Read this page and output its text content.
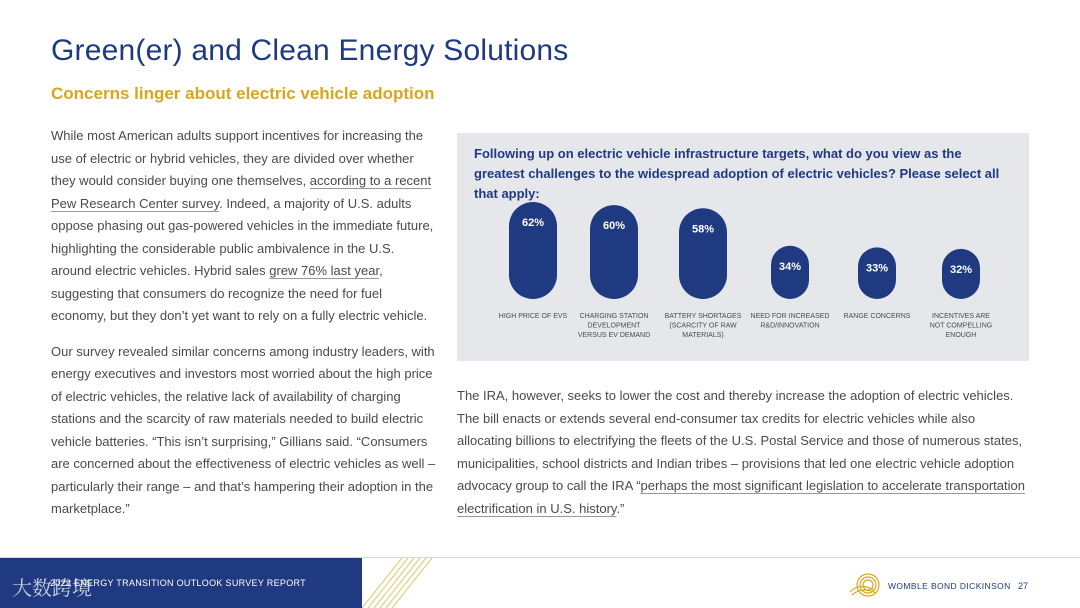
Green(er) and Clean Energy Solutions
Concerns linger about electric vehicle adoption

While most American adults support incentives for increasing the use of electric or hybrid vehicles, they are divided over whether they would consider buying one themselves, according to a recent Pew Research Center survey. Indeed, a majority of U.S. adults oppose phasing out gas-powered vehicles in the immediate future, highlighting the considerable public ambivalence in the U.S. around electric vehicles. Hybrid sales grew 76% last year, suggesting that consumers do recognize the need for fuel economy, but they don’t yet want to rely on a fully electric vehicle.

Our survey revealed similar concerns among industry leaders, with energy executives and investors most worried about the high price of electric vehicles, the relative lack of availability of charging stations and the scarcity of raw materials needed to build electric vehicle batteries. “This isn’t surprising,” Gillians said. “Consumers are concerned about the effectiveness of electric vehicles as well – particularly their range – and that’s hampering their adoption in the marketplace.”

Following up on electric vehicle infrastructure targets, what do you view as the greatest challenges to the widespread adoption of electric vehicles? Please select all that apply:

62%
HIGH PRICE OF EVS
60%
CHARGING STATION DEVELOPMENT VERSUS EV DEMAND
58%
BATTERY SHORTAGES (SCARCITY OF RAW MATERIALS)
34%
NEED FOR INCREASED R&D/INNOVATION
33%
RANGE CONCERNS
32%
INCENTIVES ARE NOT COMPELLING ENOUGH

The IRA, however, seeks to lower the cost and thereby increase the adoption of electric vehicles. The bill enacts or extends several end-consumer tax credits for electric vehicles while also allocating billions to electrifying the fleets of the U.S. Postal Service and those of numerous states, municipalities, school districts and Indian tribes – provisions that led one electric vehicle adoption advocacy group to call the IRA “perhaps the most significant legislation to accelerate transportation electrification in U.S. history.”

2023 ENERGY TRANSITION OUTLOOK SURVEY REPORT	WOMBLE BOND DICKINSON 27
大数跨境
